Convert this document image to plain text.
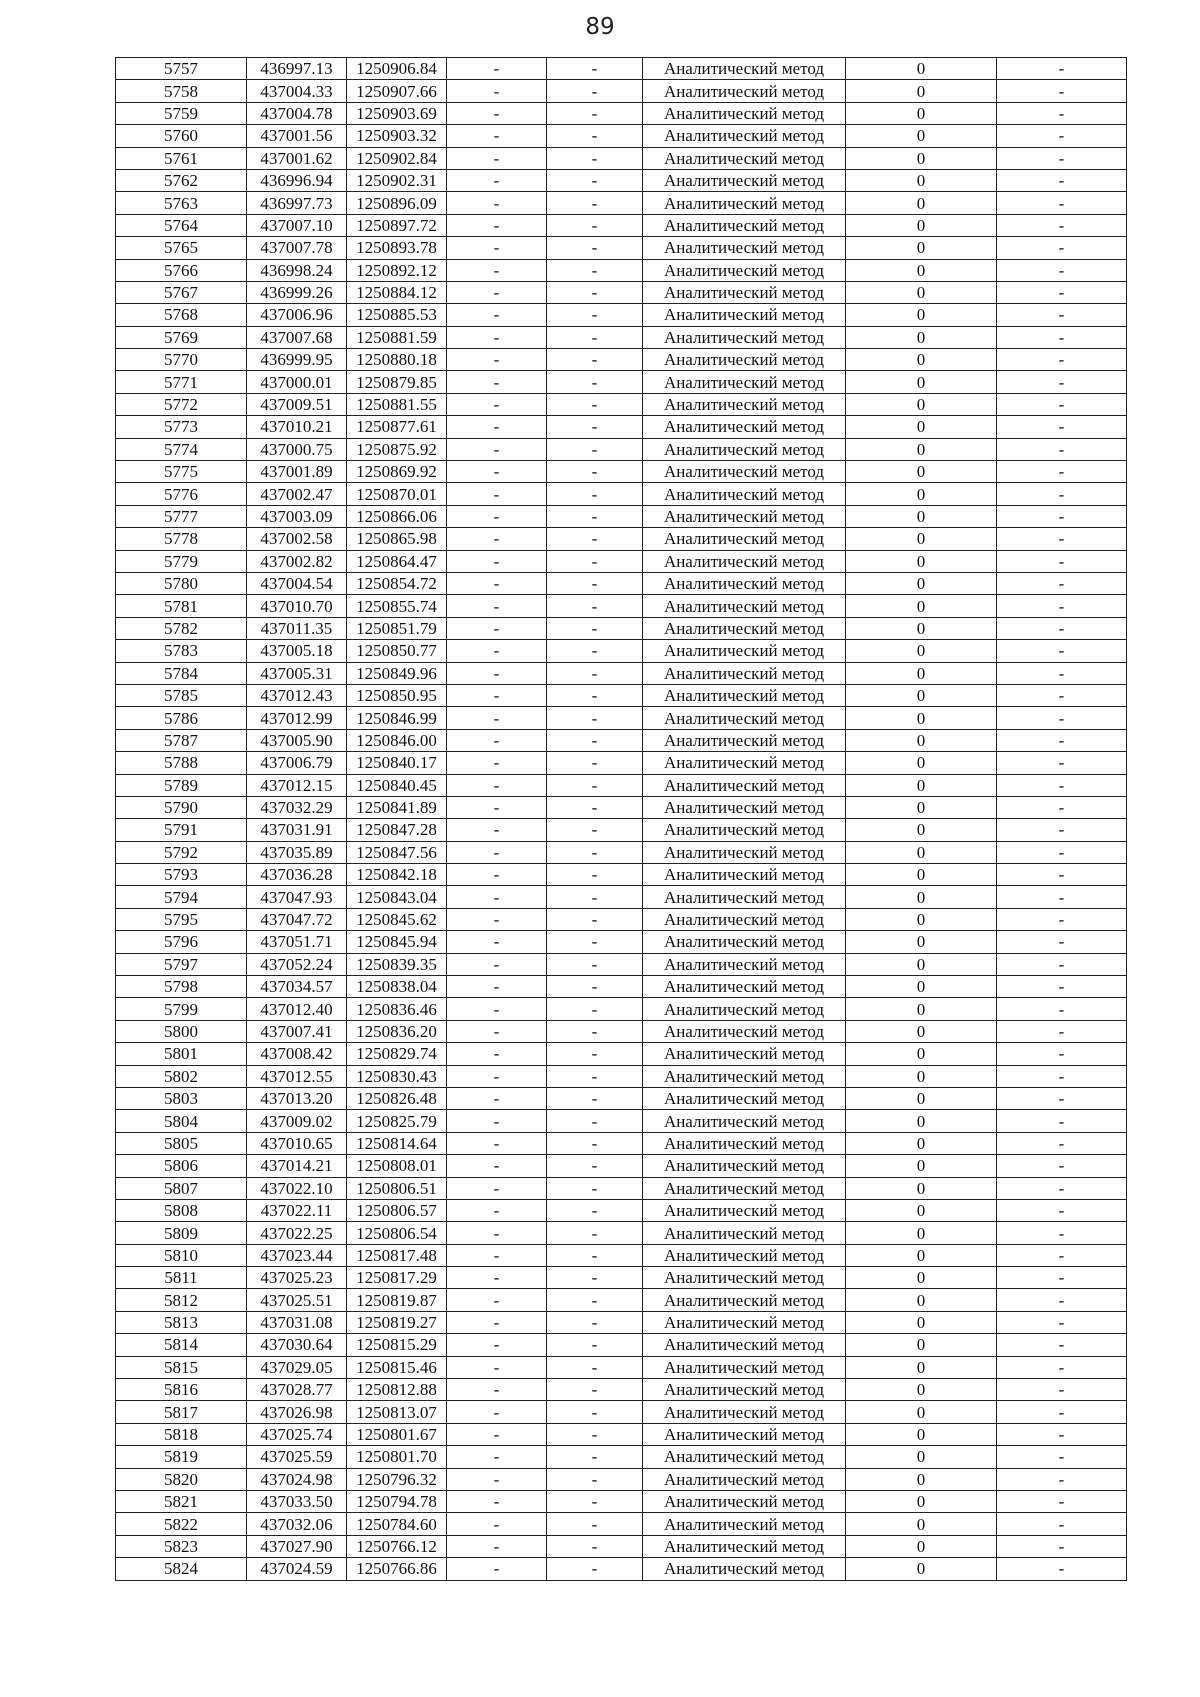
89
5757	436997.13	1250906.84	-	-	Аналитический метод	0	-
5758	437004.33	1250907.66	-	-	Аналитический метод	0	-
5759	437004.78	1250903.69	-	-	Аналитический метод	0	-
5760	437001.56	1250903.32	-	-	Аналитический метод	0	-
5761	437001.62	1250902.84	-	-	Аналитический метод	0	-
5762	436996.94	1250902.31	-	-	Аналитический метод	0	-
5763	436997.73	1250896.09	-	-	Аналитический метод	0	-
5764	437007.10	1250897.72	-	-	Аналитический метод	0	-
5765	437007.78	1250893.78	-	-	Аналитический метод	0	-
5766	436998.24	1250892.12	-	-	Аналитический метод	0	-
5767	436999.26	1250884.12	-	-	Аналитический метод	0	-
5768	437006.96	1250885.53	-	-	Аналитический метод	0	-
5769	437007.68	1250881.59	-	-	Аналитический метод	0	-
5770	436999.95	1250880.18	-	-	Аналитический метод	0	-
5771	437000.01	1250879.85	-	-	Аналитический метод	0	-
5772	437009.51	1250881.55	-	-	Аналитический метод	0	-
5773	437010.21	1250877.61	-	-	Аналитический метод	0	-
5774	437000.75	1250875.92	-	-	Аналитический метод	0	-
5775	437001.89	1250869.92	-	-	Аналитический метод	0	-
5776	437002.47	1250870.01	-	-	Аналитический метод	0	-
5777	437003.09	1250866.06	-	-	Аналитический метод	0	-
5778	437002.58	1250865.98	-	-	Аналитический метод	0	-
5779	437002.82	1250864.47	-	-	Аналитический метод	0	-
5780	437004.54	1250854.72	-	-	Аналитический метод	0	-
5781	437010.70	1250855.74	-	-	Аналитический метод	0	-
5782	437011.35	1250851.79	-	-	Аналитический метод	0	-
5783	437005.18	1250850.77	-	-	Аналитический метод	0	-
5784	437005.31	1250849.96	-	-	Аналитический метод	0	-
5785	437012.43	1250850.95	-	-	Аналитический метод	0	-
5786	437012.99	1250846.99	-	-	Аналитический метод	0	-
5787	437005.90	1250846.00	-	-	Аналитический метод	0	-
5788	437006.79	1250840.17	-	-	Аналитический метод	0	-
5789	437012.15	1250840.45	-	-	Аналитический метод	0	-
5790	437032.29	1250841.89	-	-	Аналитический метод	0	-
5791	437031.91	1250847.28	-	-	Аналитический метод	0	-
5792	437035.89	1250847.56	-	-	Аналитический метод	0	-
5793	437036.28	1250842.18	-	-	Аналитический метод	0	-
5794	437047.93	1250843.04	-	-	Аналитический метод	0	-
5795	437047.72	1250845.62	-	-	Аналитический метод	0	-
5796	437051.71	1250845.94	-	-	Аналитический метод	0	-
5797	437052.24	1250839.35	-	-	Аналитический метод	0	-
5798	437034.57	1250838.04	-	-	Аналитический метод	0	-
5799	437012.40	1250836.46	-	-	Аналитический метод	0	-
5800	437007.41	1250836.20	-	-	Аналитический метод	0	-
5801	437008.42	1250829.74	-	-	Аналитический метод	0	-
5802	437012.55	1250830.43	-	-	Аналитический метод	0	-
5803	437013.20	1250826.48	-	-	Аналитический метод	0	-
5804	437009.02	1250825.79	-	-	Аналитический метод	0	-
5805	437010.65	1250814.64	-	-	Аналитический метод	0	-
5806	437014.21	1250808.01	-	-	Аналитический метод	0	-
5807	437022.10	1250806.51	-	-	Аналитический метод	0	-
5808	437022.11	1250806.57	-	-	Аналитический метод	0	-
5809	437022.25	1250806.54	-	-	Аналитический метод	0	-
5810	437023.44	1250817.48	-	-	Аналитический метод	0	-
5811	437025.23	1250817.29	-	-	Аналитический метод	0	-
5812	437025.51	1250819.87	-	-	Аналитический метод	0	-
5813	437031.08	1250819.27	-	-	Аналитический метод	0	-
5814	437030.64	1250815.29	-	-	Аналитический метод	0	-
5815	437029.05	1250815.46	-	-	Аналитический метод	0	-
5816	437028.77	1250812.88	-	-	Аналитический метод	0	-
5817	437026.98	1250813.07	-	-	Аналитический метод	0	-
5818	437025.74	1250801.67	-	-	Аналитический метод	0	-
5819	437025.59	1250801.70	-	-	Аналитический метод	0	-
5820	437024.98	1250796.32	-	-	Аналитический метод	0	-
5821	437033.50	1250794.78	-	-	Аналитический метод	0	-
5822	437032.06	1250784.60	-	-	Аналитический метод	0	-
5823	437027.90	1250766.12	-	-	Аналитический метод	0	-
5824	437024.59	1250766.86	-	-	Аналитический метод	0	-
